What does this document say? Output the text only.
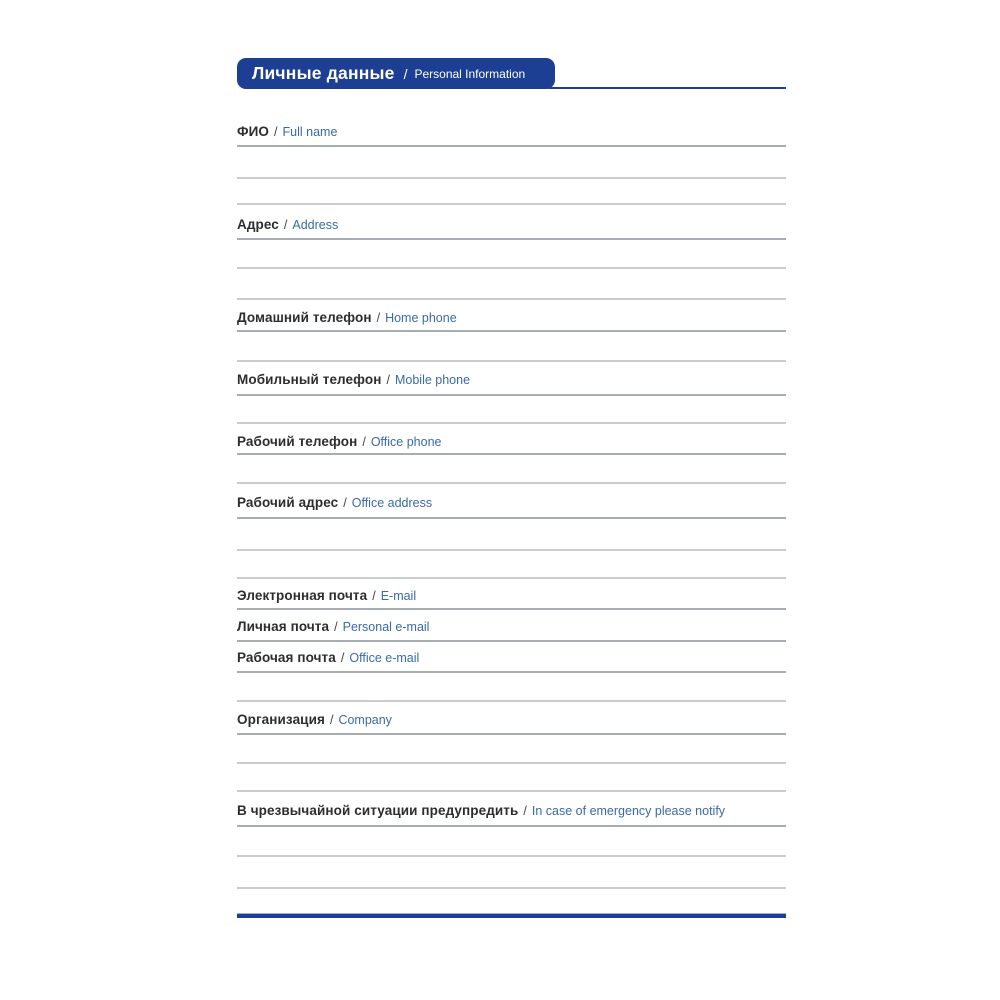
Личные данные / Personal Information
ФИО / Full name
Адрес / Address
Домашний телефон / Home phone
Мобильный телефон / Mobile phone
Рабочий телефон / Office phone
Рабочий адрес / Office address
Электронная почта / E-mail
Личная почта / Personal e-mail
Рабочая почта / Office e-mail
Организация / Company
В чрезвычайной ситуации предупредить / In case of emergency please notify
